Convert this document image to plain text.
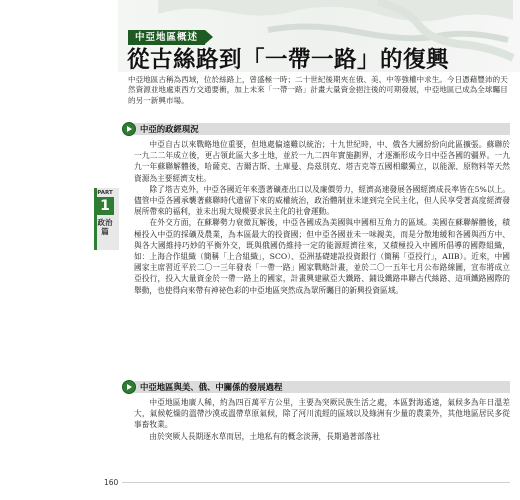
中亞地區概述
從古絲路到「一帶一路」的復興
中亞地區古稱為西域，位於絲路上，曾盛極一時；二十世紀後期夾在俄、美、中等強權中求生。今日憑藉豐沛的天然資源並地處東西方交通要衝，加上未來「一帶一路」計畫大量資金挹注後的可期發展，中亞地區已成為全球矚目的另一新興市場。
中亞的政經現況

中亞自古以來戰略地位重要，但地處偏遠難以統治；十九世紀時，中、俄各大國紛紛向此區擴張。蘇聯於一九二二年成立後，更占領此區大多土地，並於一九二四年實施劃界，才逐漸形成今日中亞各國的疆界。一九九一年蘇聯解體後，哈薩克、吉爾吉斯、土庫曼、烏茲別克、塔吉克等五國相繼獨立，以能源、原物料等天然資源為主要經濟支柱。

除了塔吉克外，中亞各國近年來憑著礦產出口以及廉價勞力，經濟高速發展各國經濟成長率皆在5%以上。儘管中亞各國承襲著蘇聯時代遺留下來的威權統治，政治體制並未達到完全民主化，但人民享受著高度經濟發展所帶來的福利，並未出現大規模要求民主化的社會運動。

在外交方面，在蘇聯勢力衰微瓦解後，中亞各國成為美國與中國相互角力的區域。美國在蘇聯解體後，積極投入中亞的採礦及農業，為本區最大的投資國；但中亞各國並未一味親美，而是分散地緩和各國與西方中、與各大國維持巧妙的平衡外交，既與俄國仍維持一定的能源經濟往來，又積極投入中國所倡導的國際組織，如：上海合作組織（簡稱「上合組織」，SCO）、亞洲基礎建設投資銀行（簡稱「亞投行」，AIIB）。近來，中國國家主席習近平於二〇一三年發表「一帶一路」國家戰略計畫，並於二〇一五年七月公布路線圖，宣布將成立亞投行，投入大量資金於一帶一路上的國家，計畫興建歐亞大鐵路、鋪设鐵路串聯古代絲路、這項鐵路國際的舉動，也使得向來帶有神祕色彩的中亞地區突然成為眾所矚目的新興投資區域。

中亞地區與美、俄、中關係的發展過程

中亞地區地廣人稀，約為四百萬平方公里，主要為突厥民族生活之處，本區對海遙遠，氣候多為年日溫差大，氣候乾燥的溫帶沙漠或溫帶草原氣候，除了河川流經的區域以及綠洲有少量的農業外，其他地區居民多從事畜牧業。

由於突厥人長期逐水草而居，土地私有的概念淡薄，長期過著部落社

PART
1
政治篇
160
